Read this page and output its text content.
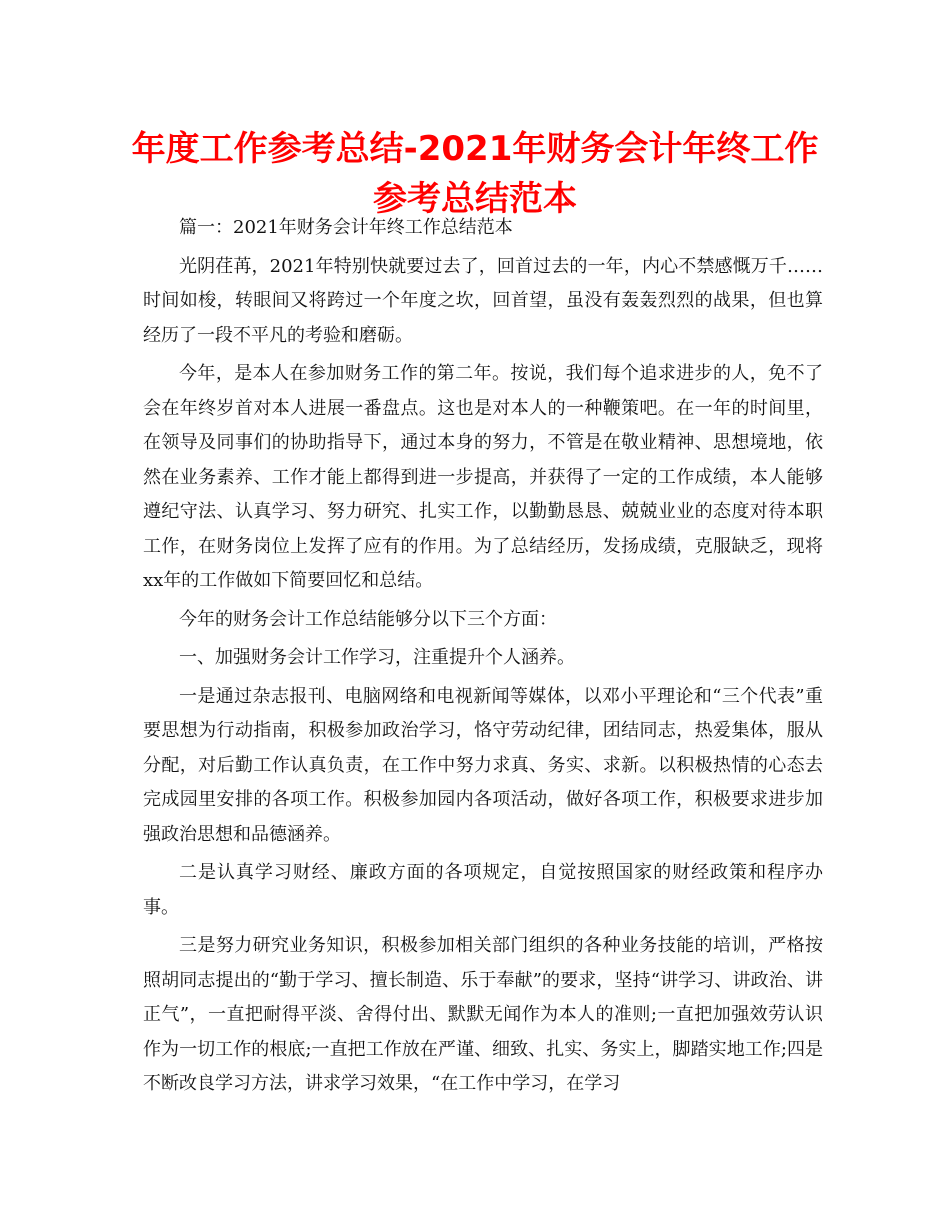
年度工作参考总结-2021年财务会计年终工作参考总结范本

篇一：2021年财务会计年终工作总结范本

光阴荏苒，2021年特别快就要过去了，回首过去的一年，内心不禁感慨万千……时间如梭，转眼间又将跨过一个年度之坎，回首望，虽没有轰轰烈烈的战果，但也算经历了一段不平凡的考验和磨砺。

今年，是本人在参加财务工作的第二年。按说，我们每个追求进步的人，免不了会在年终岁首对本人进展一番盘点。这也是对本人的一种鞭策吧。在一年的时间里，在领导及同事们的协助指导下，通过本身的努力，不管是在敬业精神、思想境地，依然在业务素养、工作才能上都得到进一步提高，并获得了一定的工作成绩，本人能够遵纪守法、认真学习、努力研究、扎实工作，以勤勤恳恳、兢兢业业的态度对待本职工作，在财务岗位上发挥了应有的作用。为了总结经历，发扬成绩，克服缺乏，现将xx年的工作做如下简要回忆和总结。

今年的财务会计工作总结能够分以下三个方面：

一、加强财务会计工作学习，注重提升个人涵养。

一是通过杂志报刊、电脑网络和电视新闻等媒体，以邓小平理论和“三个代表”重要思想为行动指南，积极参加政治学习，恪守劳动纪律，团结同志，热爱集体，服从分配，对后勤工作认真负责，在工作中努力求真、务实、求新。以积极热情的心态去完成园里安排的各项工作。积极参加园内各项活动，做好各项工作，积极要求进步加强政治思想和品德涵养。

二是认真学习财经、廉政方面的各项规定，自觉按照国家的财经政策和程序办事。

三是努力研究业务知识，积极参加相关部门组织的各种业务技能的培训，严格按照胡同志提出的“勤于学习、擅长制造、乐于奉献”的要求，坚持“讲学习、讲政治、讲正气”，一直把耐得平淡、舍得付出、默默无闻作为本人的准则;一直把加强效劳认识作为一切工作的根底;一直把工作放在严谨、细致、扎实、务实上，脚踏实地工作;四是不断改良学习方法，讲求学习效果，“在工作中学习，在学习
